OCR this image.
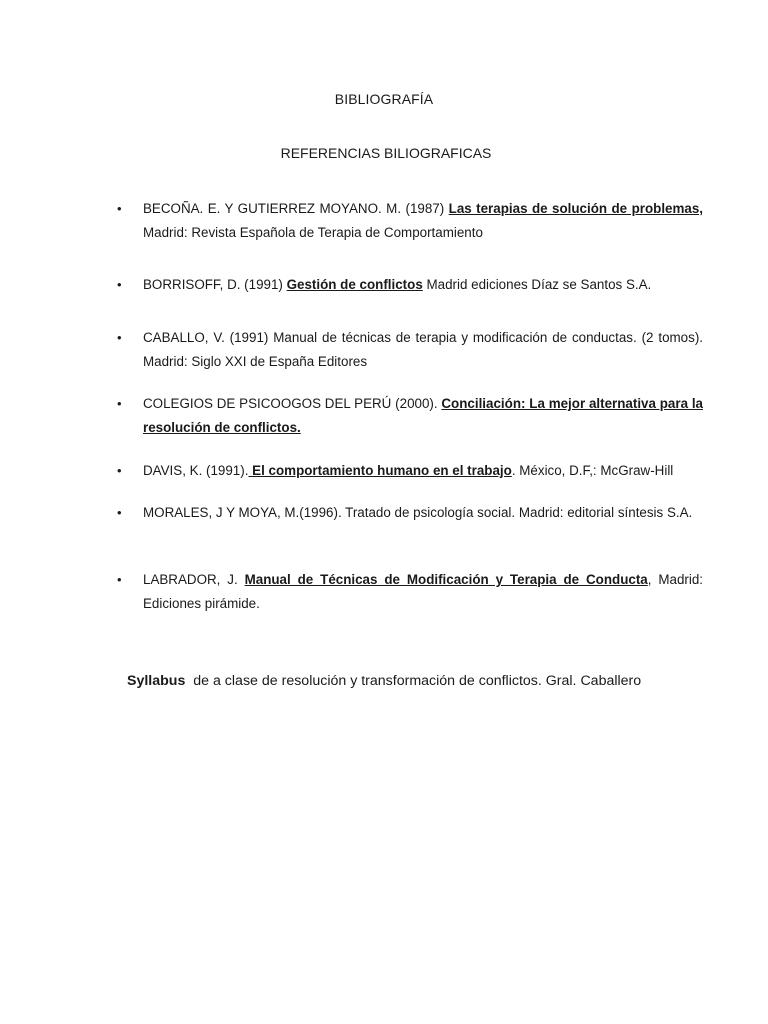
BIBLIOGRAFÍA
REFERENCIAS BILIOGRAFICAS
•	BECOÑA. E. Y GUTIERREZ MOYANO. M. (1987) Las terapias de solución de problemas, Madrid: Revista Española de Terapia de Comportamiento
•	BORRISOFF, D. (1991) Gestión de conflictos Madrid ediciones Díaz se Santos S.A.
•	CABALLO, V. (1991) Manual de técnicas de terapia y modificación de conductas. (2 tomos). Madrid: Siglo XXI de España Editores
•	COLEGIOS DE PSICOOGOS DEL PERÚ (2000). Conciliación: La mejor alternativa para la resolución de conflictos.
•	DAVIS, K. (1991). El comportamiento humano en el trabajo. México, D.F,: McGraw-Hill
•	MORALES, J Y MOYA, M.(1996). Tratado de psicología social. Madrid: editorial síntesis S.A.
•	LABRADOR, J. Manual de Técnicas de Modificación y Terapia de Conducta, Madrid: Ediciones pirámide.
Syllabus de a clase de resolución y transformación de conflictos. Gral. Caballero
